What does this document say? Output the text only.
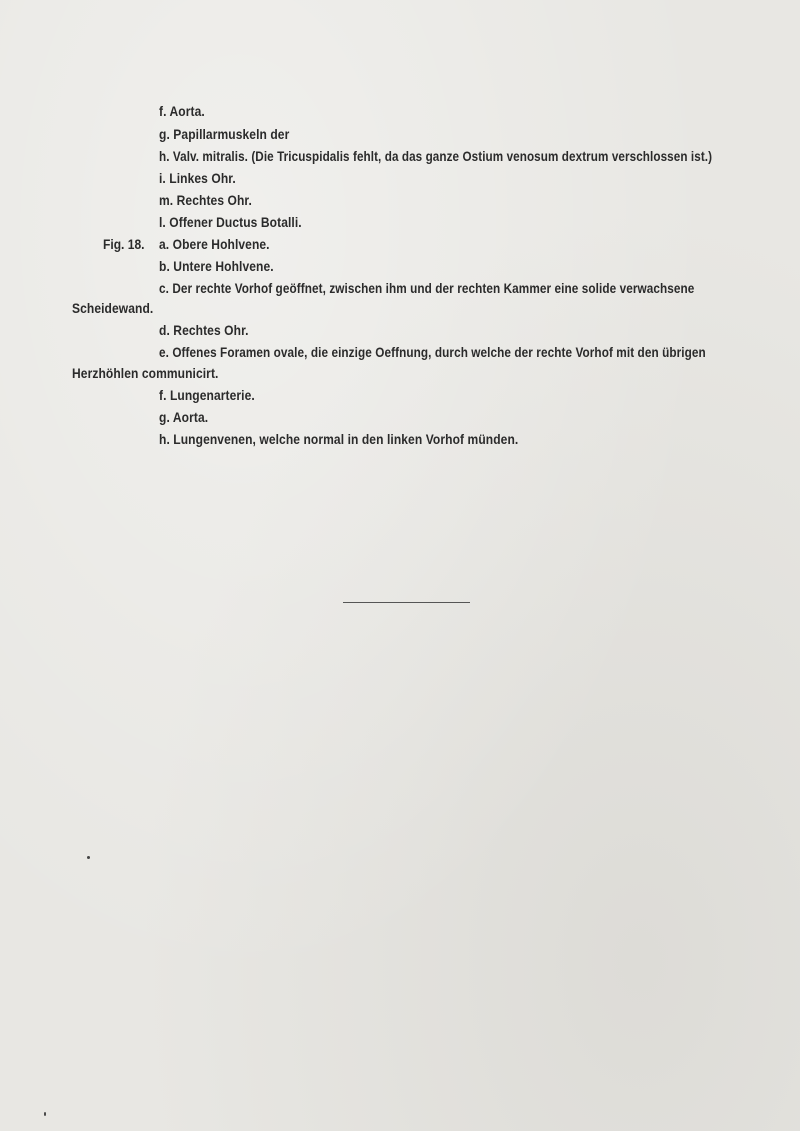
f. Aorta.
g. Papillarmuskeln der
h. Valv. mitralis. (Die Tricuspidalis fehlt, da das ganze Ostium venosum dextrum verschlossen ist.)
i. Linkes Ohr.
m. Rechtes Ohr.
l. Offener Ductus Botalli.
Fig. 18. a. Obere Hohlvene.
b. Untere Hohlvene.
c. Der rechte Vorhof geöffnet, zwischen ihm und der rechten Kammer eine solide verwachsene
Scheidewand.
d. Rechtes Ohr.
e. Offenes Foramen ovale, die einzige Oeffnung, durch welche der rechte Vorhof mit den übrigen
Herzhöhlen communicirt.
f. Lungenarterie.
g. Aorta.
h. Lungenvenen, welche normal in den linken Vorhof münden.
